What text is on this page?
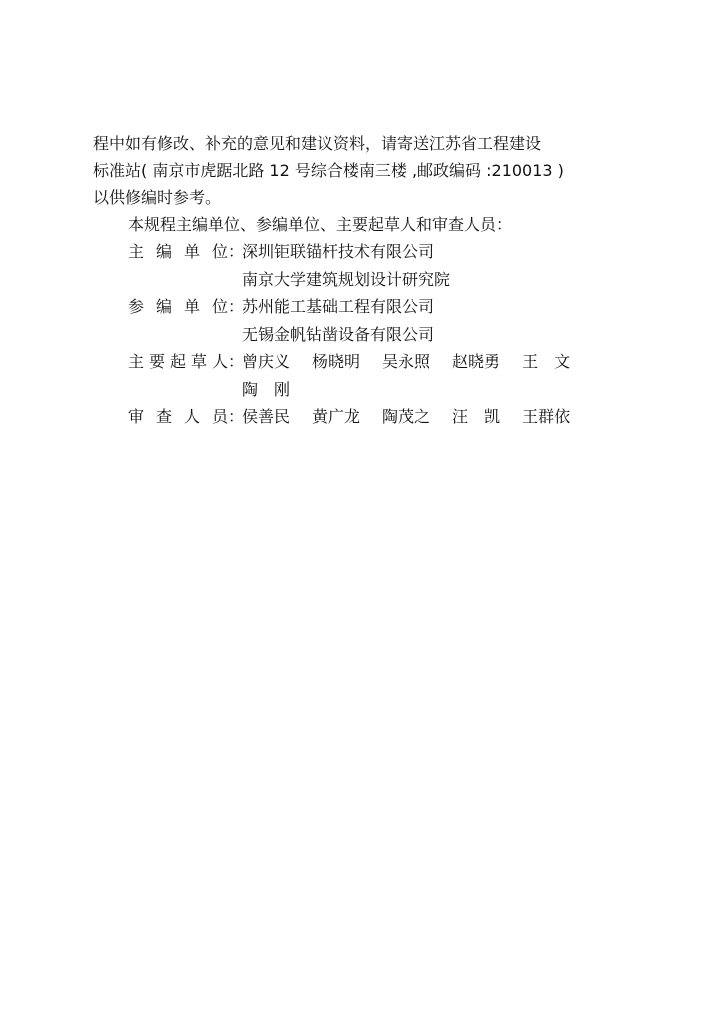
程中如有修改、补充的意见和建议资料，请寄送江苏省工程建设
标准站( 南京市虎踞北路 12 号综合楼南三楼 ,邮政编码 :210013 )
以供修编时参考。
本规程主编单位、参编单位、主要起草人和审查人员：
主 编 单 位 ：
深圳钜联锚杆技术有限公司
南京大学建筑规划设计研究院
参 编 单 位 ：
苏州能工基础工程有限公司
无锡金帆钻凿设备有限公司
主要起草人 ：
曾庆义 杨晓明 吴永照 赵晓勇 王　文
陶　刚
审 查 人 员 ：
侯善民 黄广龙 陶茂之 汪　凯 王群依
